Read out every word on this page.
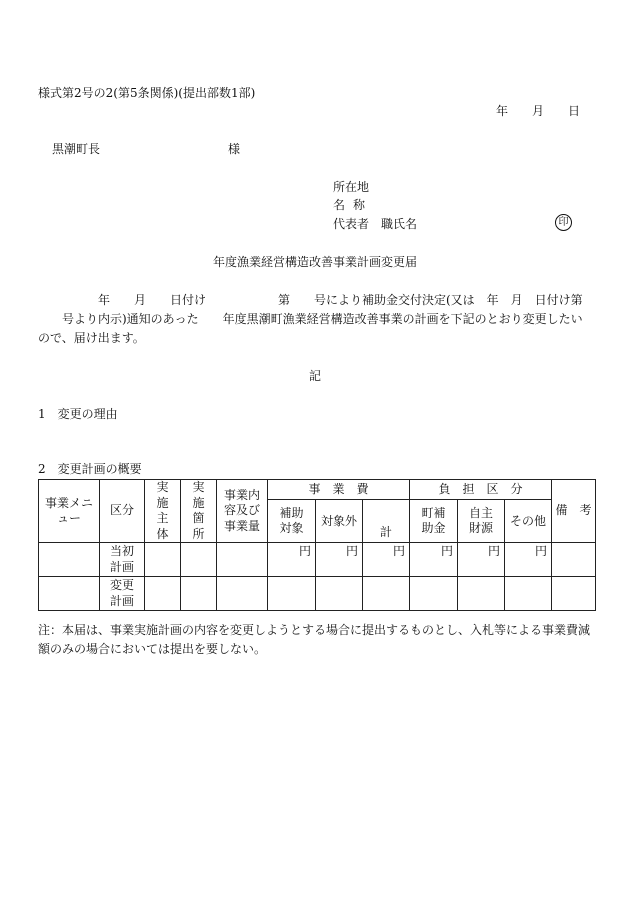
様式第2号の2(第5条関係)(提出部数1部)
年 月 日
黒潮町長	様
所在地
名 称
代表者　職氏名	印
年度漁業経営構造改善事業計画変更届
　　　　　年　　月　　日付け　　　　　　第　　号により補助金交付決定(又は　年　月　日付け第
　　号より内示)通知のあった　　年度黒潮町漁業経営構造改善事業の計画を下記のとおり変更したい
ので、届け出ます。
記
1　変更の理由
2　変更計画の概要
事業メニュー	区分	実施主体	実施箇所	事業内容及び事業量	事　業　費			負　担　区　分			備　考
					補助対象	対象外	計	町補助金	自主財源	その他	
	当初計画				円	円	円	円	円	円	
	変更計画										
注：本届は、事業実施計画の内容を変更しようとする場合に提出するものとし、入札等による事業費減額のみの場合においては提出を要しない。
